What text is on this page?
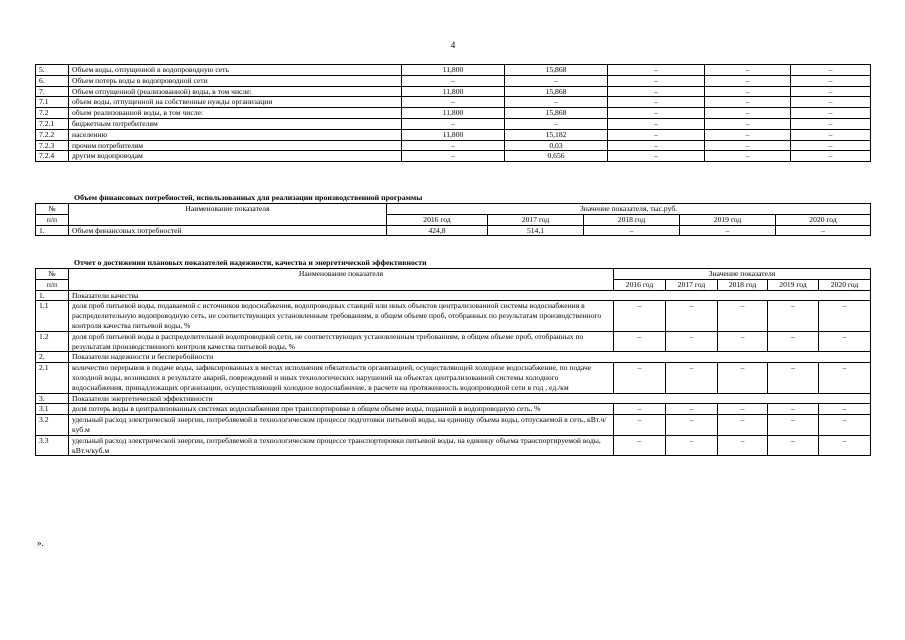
4
5.	Объем воды, отпущенной в водопроводную сеть	11,800	15,868	–	–	–
6.	Объем потерь воды в водопроводной сети	–	–	–	–	–
7.	Объем отпущенной (реализованной) воды, в том числе:	11,800	15,868	–	–	–
7.1	объем воды, отпущенной на собственные нужды организации	–	–	–	–	–
7.2	объем реализованной воды, в том числе:	11,800	15,868	–	–	–
7.2.1	бюджетным потребителям	–	–	–	–	–
7.2.2	населению	11,800	15,182	–	–	–
7.2.3	прочим потребителям	–	0,03	–	–	–
7.2.4	другим водопроводам	–	0,656	–	–	–
Объем финансовых потребностей, использованных для реализации производственной программы
№	Наименование показателя	Значение показателя, тыс.руб.				
п/п		2016 год	2017 год	2018 год	2019 год	2020 год
1.	Объем финансовых потребностей	424,8	514,1	–	–	–
Отчет о достижении плановых показателей надежности, качества и энергетической эффективности
№	Наименование показателя	Значение показателя				
п/п		2016 год	2017 год	2018 год	2019 год	2020 год
1.	Показатели качества					
1.1	доля проб питьевой воды, подаваемой с источников водоснабжения, водопроводных станций или иных объектов централизованной системы водоснабжения в распределительную водопроводную сеть, не соответствующих установленным требованиям, в общем объеме проб, отобранных по результатам производственного контроля качества питьевой воды, %	–	–	–	–	–
1.2	доля проб питьевой воды в распределительной водопроводной сети, не соответствующих установленным требованиям, в общем объеме проб, отобранных по результатам производственного контроля качества питьевой воды, %	–	–	–	–	–
2.	Показатели надежности и бесперебойности					
2.1	количество перерывов в подаче воды, зафиксированных в местах исполнения обязательств организацией, осуществляющей холодное водоснабжение, по подаче холодной воды, возникших в результате аварий, повреждений и иных технологических нарушений на объектах централизованной системы холодного водоснабжения, принадлежащих организации, осуществляющей холодное водоснабжение, в расчете на протяженность водопроводной сети в год , ед./км	–	–	–	–	–
3.	Показатели энергетической эффективности					
3.1	доля потерь воды в централизованных системах водоснабжения при транспортировке в общем объеме воды, поданной в водопроводную сеть, %	–	–	–	–	–
3.2	удельный расход электрической энергии, потребляемой в технологическом процессе подготовки питьевой воды, на единицу объема воды, отпускаемой в сеть, кВт.ч/куб.м	–	–	–	–	–
3.3	удельный расход электрической энергии, потребляемой в технологическом процессе транспортировки питьевой воды, на единицу объема транспортируемой воды, кВт.ч/куб.м	–	–	–	–	–
».
